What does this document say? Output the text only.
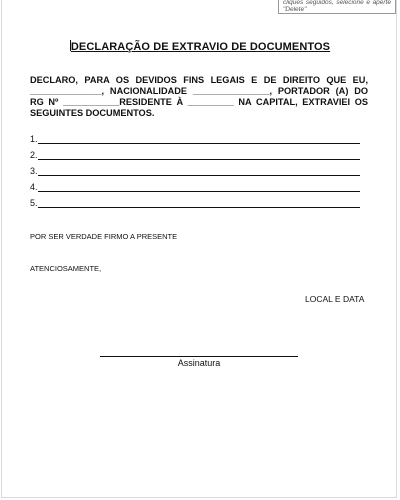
cliques seguidos, selecione e aperte "Delete"
DECLARAÇÃO DE EXTRAVIO DE DOCUMENTOS
DECLARO, PARA OS DEVIDOS FINS LEGAIS E DE DIREITO QUE EU,
______________, NACIONALIDADE _______________, PORTADOR (A) DO
RG Nº ___________RESIDENTE À _________ NA CAPITAL, EXTRAVIEI OS
SEGUINTES DOCUMENTOS.
1.
2.
3.
4.
5.
POR SER VERDADE FIRMO A PRESENTE
ATENCIOSAMENTE,
LOCAL E DATA
Assinatura
